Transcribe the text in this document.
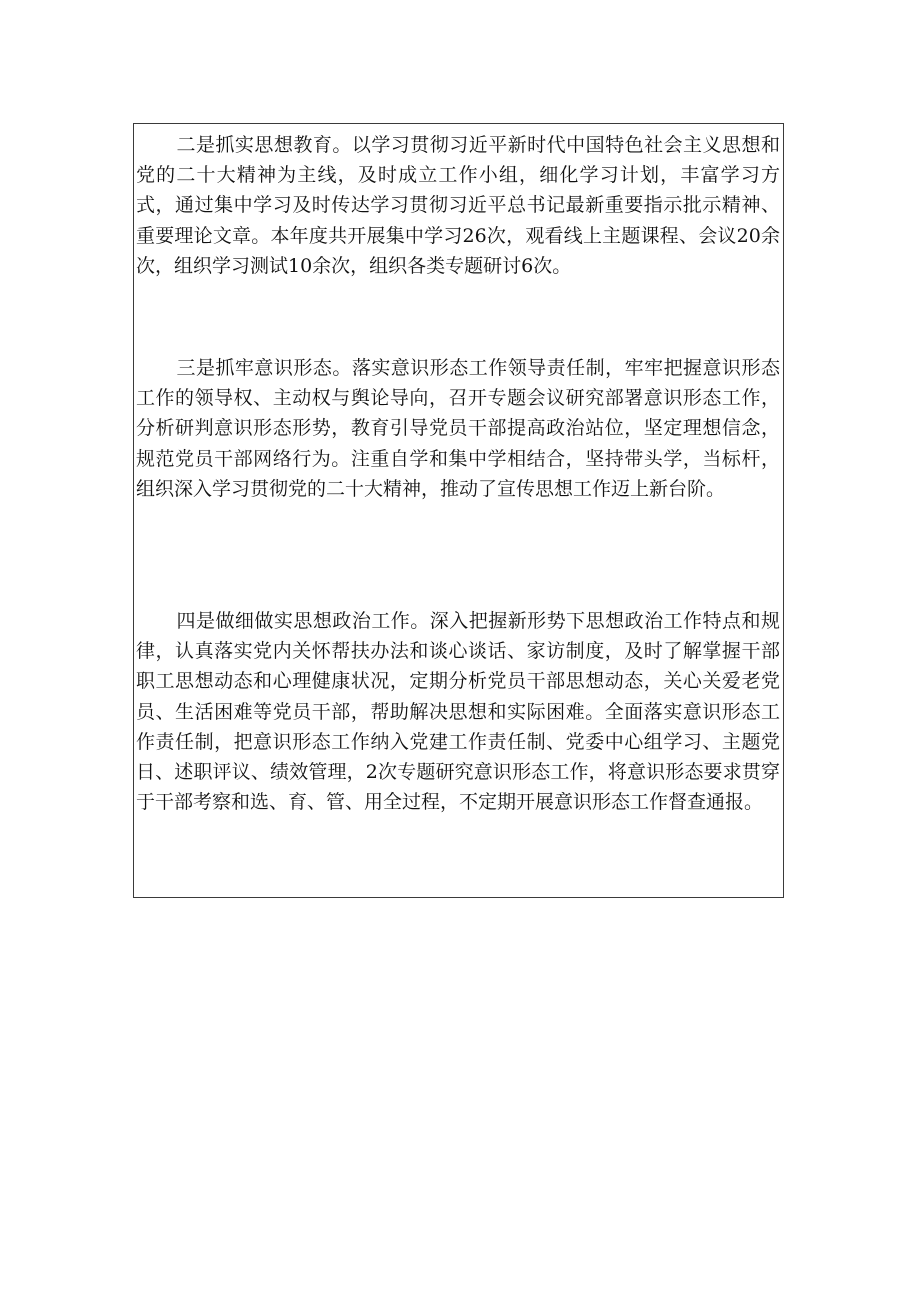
二是抓实思想教育。以学习贯彻习近平新时代中国特色社会主义思想和党的二十大精神为主线，及时成立工作小组，细化学习计划，丰富学习方式，通过集中学习及时传达学习贯彻习近平总书记最新重要指示批示精神、重要理论文章。本年度共开展集中学习26次，观看线上主题课程、会议20余次，组织学习测试10余次，组织各类专题研讨6次。

三是抓牢意识形态。落实意识形态工作领导责任制，牢牢把握意识形态工作的领导权、主动权与舆论导向，召开专题会议研究部署意识形态工作，分析研判意识形态形势，教育引导党员干部提高政治站位，坚定理想信念，规范党员干部网络行为。注重自学和集中学相结合，坚持带头学，当标杆，组织深入学习贯彻党的二十大精神，推动了宣传思想工作迈上新台阶。

四是做细做实思想政治工作。深入把握新形势下思想政治工作特点和规律，认真落实党内关怀帮扶办法和谈心谈话、家访制度，及时了解掌握干部职工思想动态和心理健康状况，定期分析党员干部思想动态，关心关爱老党员、生活困难等党员干部，帮助解决思想和实际困难。全面落实意识形态工作责任制，把意识形态工作纳入党建工作责任制、党委中心组学习、主题党日、述职评议、绩效管理，2次专题研究意识形态工作，将意识形态要求贯穿于干部考察和选、育、管、用全过程，不定期开展意识形态工作督查通报。
